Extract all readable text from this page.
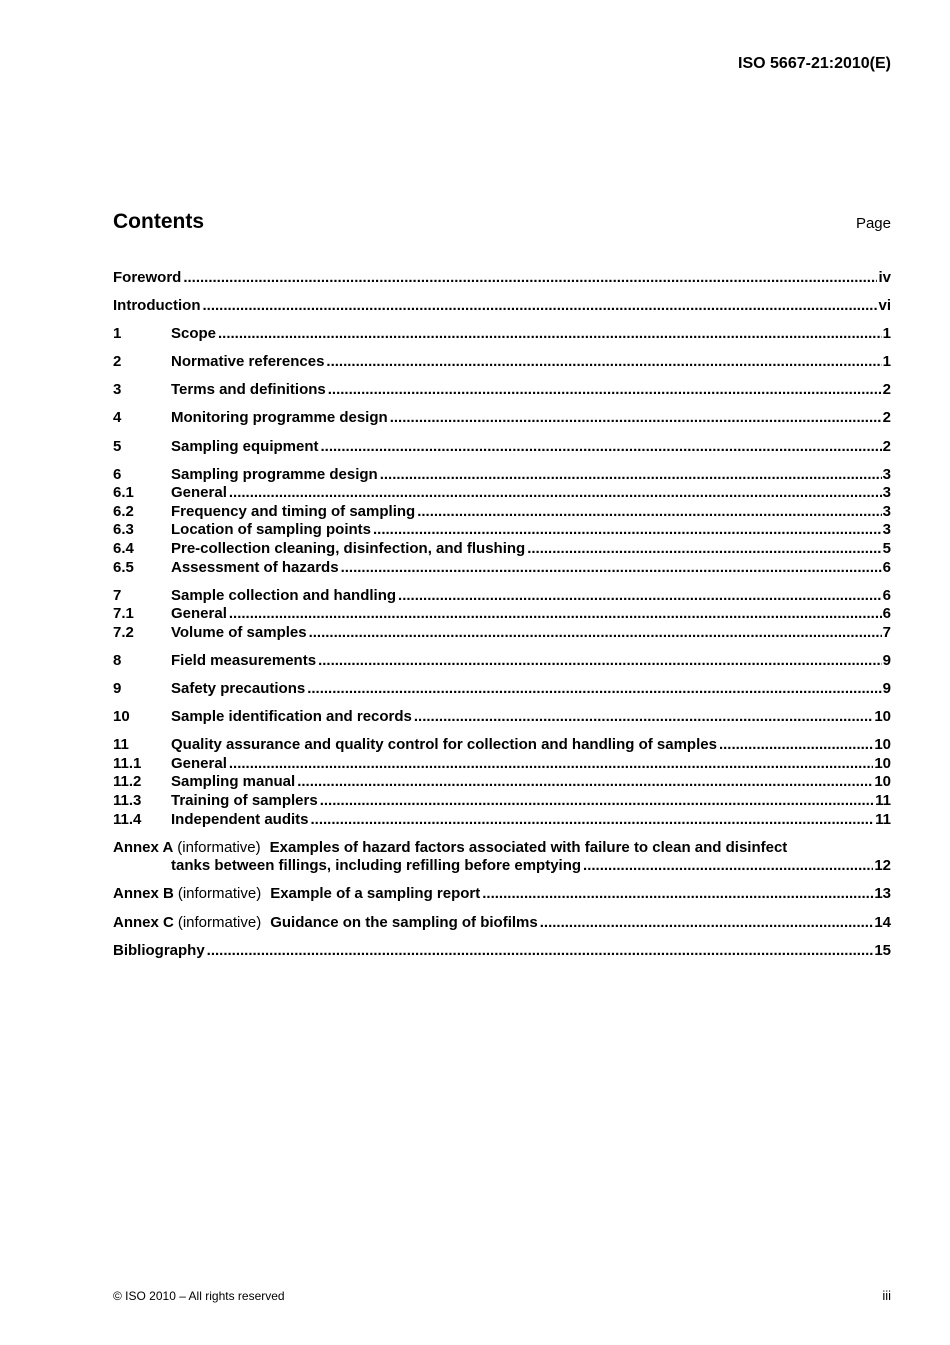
ISO 5667-21:2010(E)
Contents	Page
Foreword .....	iv
Introduction .....	vi
1	Scope .....	1
2	Normative references .....	1
3	Terms and definitions .....	2
4	Monitoring programme design .....	2
5	Sampling equipment .....	2
6	Sampling programme design .....	3
6.1	General .....	3
6.2	Frequency and timing of sampling .....	3
6.3	Location of sampling points .....	3
6.4	Pre-collection cleaning, disinfection, and flushing .....	5
6.5	Assessment of hazards .....	6
7	Sample collection and handling .....	6
7.1	General .....	6
7.2	Volume of samples .....	7
8	Field measurements .....	9
9	Safety precautions .....	9
10	Sample identification and records .....	10
11	Quality assurance and quality control for collection and handling of samples .....	10
11.1	General .....	10
11.2	Sampling manual .....	10
11.3	Training of samplers .....	11
11.4	Independent audits .....	11
Annex A (informative) Examples of hazard factors associated with failure to clean and disinfect
tanks between fillings, including refilling before emptying .....	12
Annex B (informative) Example of a sampling report .....	13
Annex C (informative) Guidance on the sampling of biofilms .....	14
Bibliography .....	15
© ISO 2010 – All rights reserved	iii
